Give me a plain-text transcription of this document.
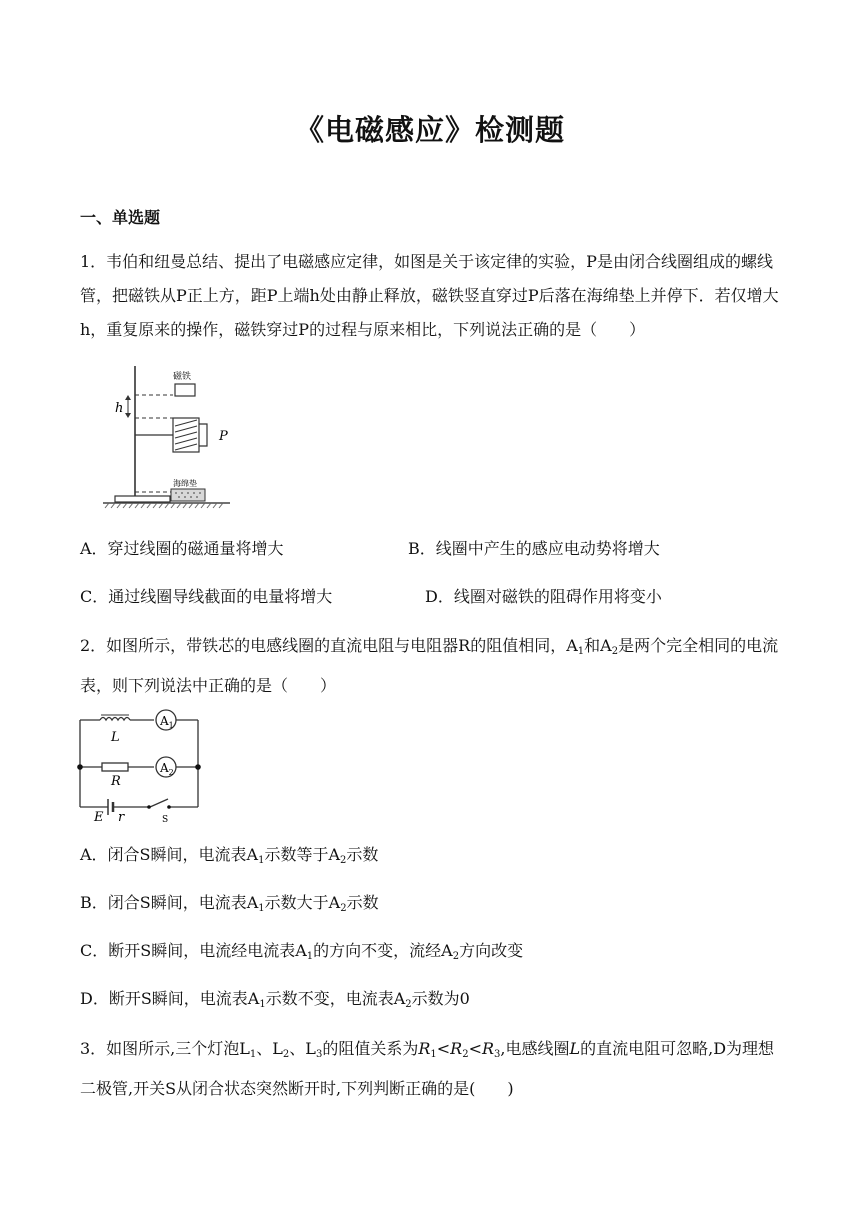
《电磁感应》检测题
一、单选题
1．韦伯和纽曼总结、提出了电磁感应定律，如图是关于该定律的实验，P是由闭合线圈组成的螺线管，把磁铁从P正上方，距P上端h处由静止释放，磁铁竖直穿过P后落在海绵垫上并停下．若仅增大h，重复原来的操作，磁铁穿过P的过程与原来相比，下列说法正确的是（　　）
磁铁
h
P
海绵垫
A．穿过线圈的磁通量将增大	B．线圈中产生的感应电动势将增大
C．通过线圈导线截面的电量将增大	D．线圈对磁铁的阻碍作用将变小
2．如图所示，带铁芯的电感线圈的直流电阻与电阻器R的阻值相同，$A_1$和$A_2$是两个完全相同的电流表，则下列说法中正确的是（　　）
$A_1$
$A_2$
L
R
E r	S
A．闭合S瞬间，电流表$A_1$示数等于$A_2$示数
B．闭合S瞬间，电流表$A_1$示数大于$A_2$示数
C．断开S瞬间，电流经电流表$A_1$的方向不变，流经$A_2$方向改变
D．断开S瞬间，电流表$A_1$示数不变，电流表$A_2$示数为0
3．如图所示,三个灯泡$L_1$、$L_2$、$L_3$的阻值关系为$R_1<R_2<R_3$,电感线圈L的直流电阻可忽略,D为理想二极管,开关S从闭合状态突然断开时,下列判断正确的是(　　)
